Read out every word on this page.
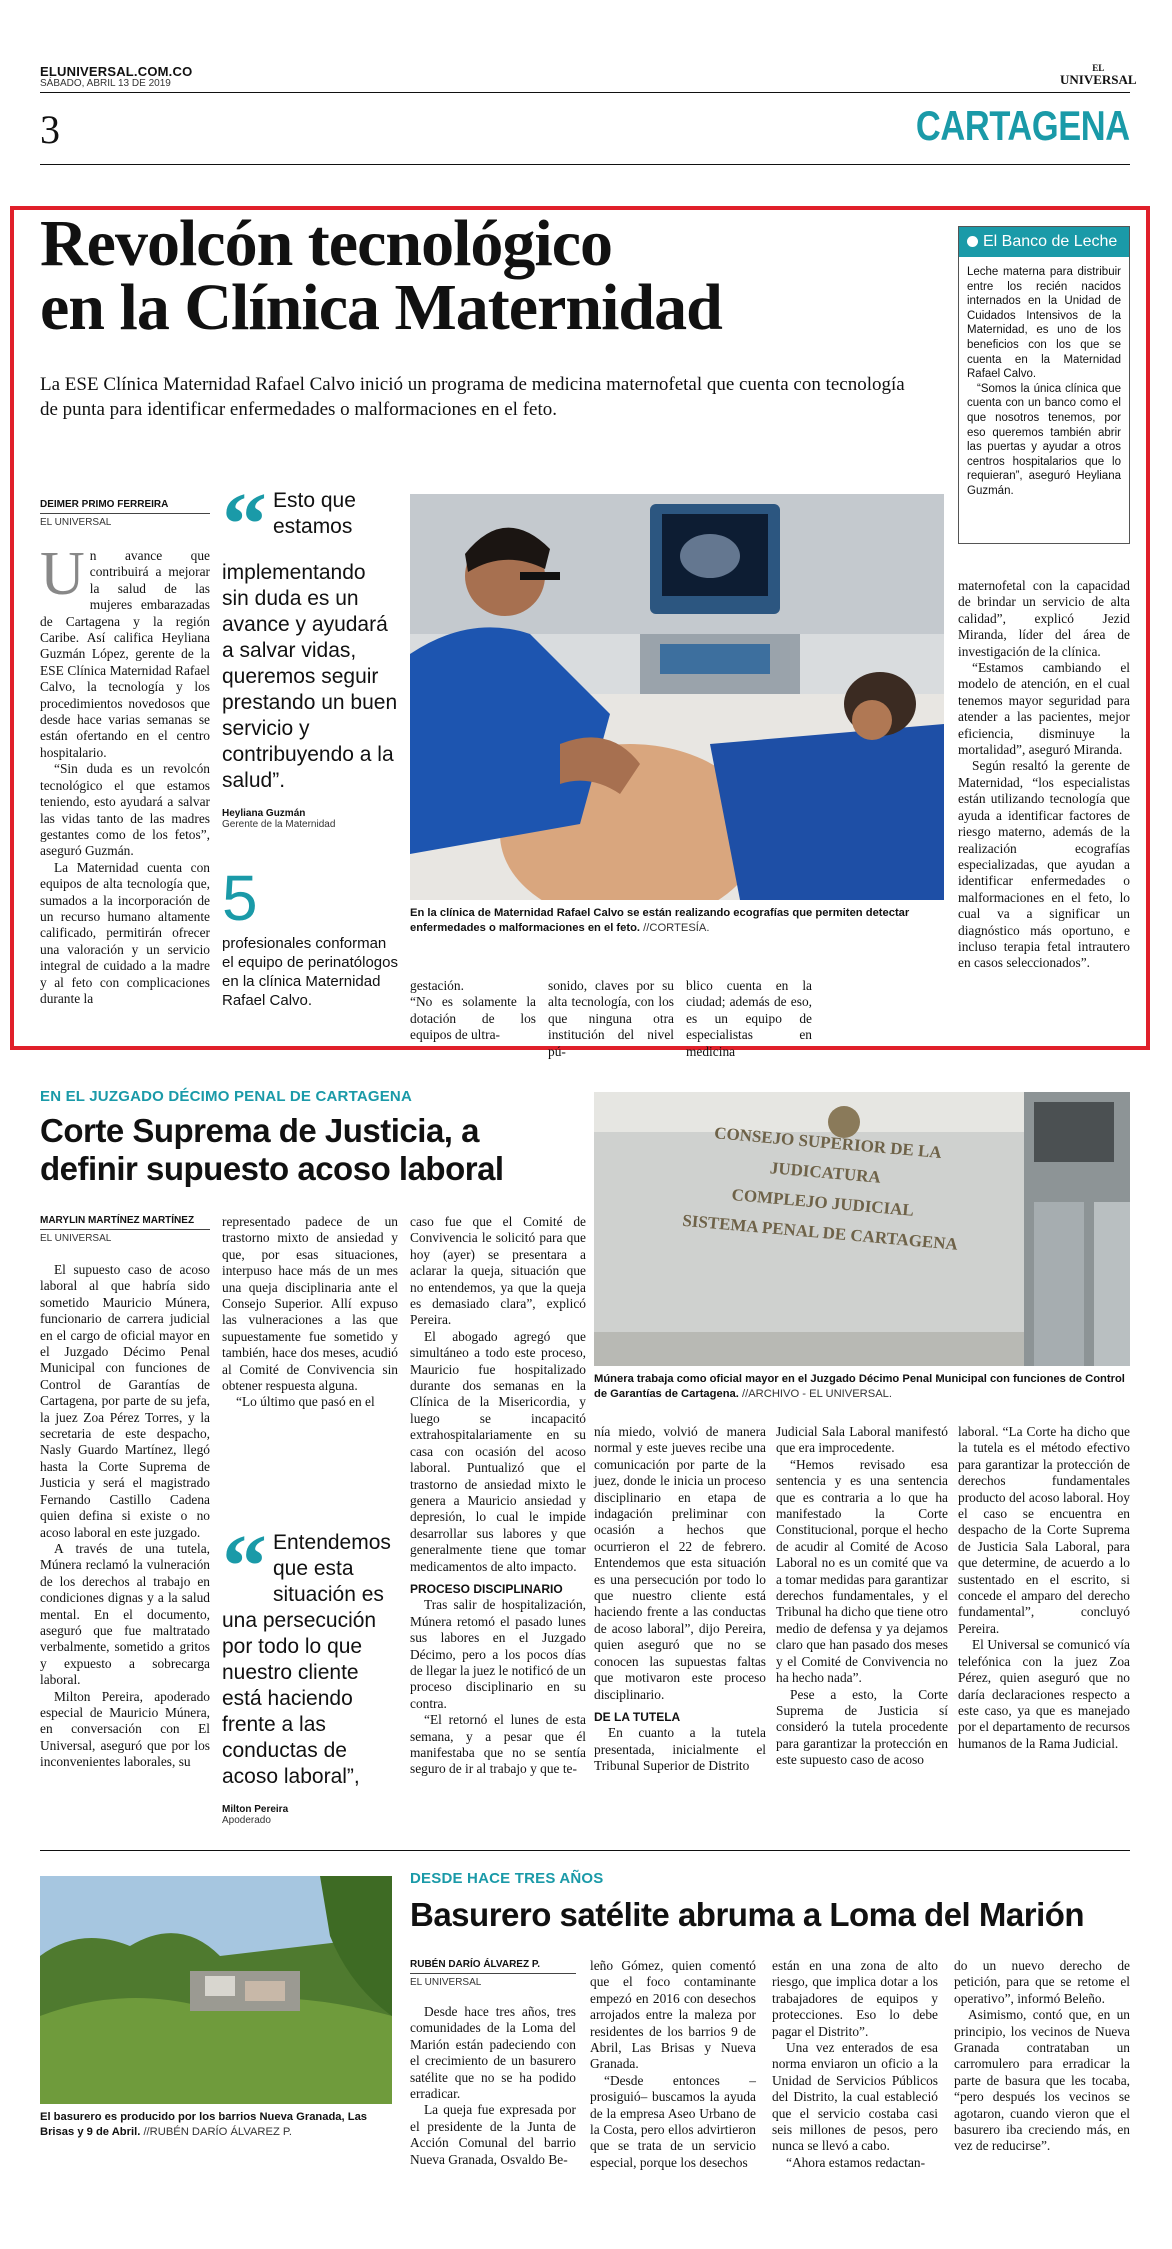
ELUNIVERSAL.COM.CO
SÁBADO, ABRIL 13 DE 2019
EL
UNIVERSAL
3	CARTAGENA
Revolcón tecnológico
en la Clínica Maternidad
La ESE Clínica Maternidad Rafael Calvo inició un programa de medicina maternofetal que cuenta con tecnología de punta para identificar enfermedades o malformaciones en el feto.
El Banco de Leche
Leche materna para distribuir entre los recién nacidos internados en la Unidad de Cuidados Intensivos de la Maternidad, es uno de los beneficios con los que se cuenta en la Maternidad Rafael Calvo.
“Somos la única clínica que cuenta con un banco como el que nosotros tenemos, por eso queremos también abrir las puertas y ayudar a otros centros hospitalarios que lo requieran”, aseguró Heyliana Guzmán.
DEIMER PRIMO FERREIRA
EL UNIVERSAL
U n avance que contribuirá a mejorar la salud de las mujeres embarazadas de Cartagena y la región Caribe. Así califica Heyliana Guzmán López, gerente de la ESE Clínica Maternidad Rafael Calvo, la tecnología y los procedimientos novedosos que desde hace varias semanas se están ofertando en el centro hospitalario.

“Sin duda es un revolcón tecnológico el que estamos teniendo, esto ayudará a salvar las vidas tanto de las madres gestantes como de los fetos”, aseguró Guzmán.

La Maternidad cuenta con equipos de alta tecnología que, sumados a la incorporación de un recurso humano altamente calificado, permitirán ofrecer una valoración y un servicio integral de cuidado a la madre y al feto con complicaciones durante la

“ Esto que estamos implementando sin duda es un avance y ayudará a salvar vidas, queremos seguir prestando un buen servicio y contribuyendo a la salud”.
Heyliana Guzmán
Gerente de la Maternidad
5
profesionales conforman el equipo de perinatólogos en la clínica Maternidad Rafael Calvo.
En la clínica de Maternidad Rafael Calvo se están realizando ecografías que permiten detectar enfermedades o malformaciones en el feto. //CORTESÍA.
gestación.
“No es solamente la dotación de los equipos de ultra-
sonido, claves por su alta tecnología, con los que ninguna otra institución del nivel pú-
blico cuenta en la ciudad; además de eso, es un equipo de especialistas en medicina

maternofetal con la capacidad de brindar un servicio de alta calidad”, explicó Jezid Miranda, líder del área de investigación de la clínica.

“Estamos cambiando el modelo de atención, en el cual tenemos mayor seguridad para atender a las pacientes, mejor eficiencia, disminuye la mortalidad”, aseguró Miranda.

Según resaltó la gerente de Maternidad, “los especialistas están utilizando tecnología que ayuda a identificar factores de riesgo materno, además de la realización ecografías especializadas, que ayudan a identificar enfermedades o malformaciones en el feto, lo cual va a significar un diagnóstico más oportuno, e incluso terapia fetal intrautero en casos seleccionados”.

EN EL JUZGADO DÉCIMO PENAL DE CARTAGENA
Corte Suprema de Justicia, a definir supuesto acoso laboral
MARYLIN MARTÍNEZ MARTÍNEZ
EL UNIVERSAL

El supuesto caso de acoso laboral al que habría sido sometido Mauricio Múnera, funcionario de carrera judicial en el cargo de oficial mayor en el Juzgado Décimo Penal Municipal con funciones de Control de Garantías de Cartagena, por parte de su jefa, la juez Zoa Pérez Torres, y la secretaria de este despacho, Nasly Guardo Martínez, llegó hasta la Corte Suprema de Justicia y será el magistrado Fernando Castillo Cadena quien defina si existe o no acoso laboral en este juzgado.

A través de una tutela, Múnera reclamó la vulneración de los derechos al trabajo en condiciones dignas y a la salud mental. En el documento, aseguró que fue maltratado verbalmente, sometido a gritos y expuesto a sobrecarga laboral.

Milton Pereira, apoderado especial de Mauricio Múnera, en conversación con El Universal, aseguró que por los inconvenientes laborales, su

representado padece de un trastorno mixto de ansiedad y que, por esas situaciones, interpuso hace más de un mes una queja disciplinaria ante el Consejo Superior. Allí expuso las vulneraciones a las que supuestamente fue sometido y también, hace dos meses, acudió al Comité de Convivencia sin obtener respuesta alguna.

“Lo último que pasó en el

“ Entendemos que esta situación es una persecución por todo lo que nuestro cliente está haciendo frente a las conductas de acoso laboral”,
Milton Pereira
Apoderado

caso fue que el Comité de Convivencia le solicitó para que hoy (ayer) se presentara a aclarar la queja, situación que no entendemos, ya que la queja es demasiado clara”, explicó Pereira.

El abogado agregó que simultáneo a todo este proceso, Mauricio fue hospitalizado durante dos semanas en la Clínica de la Misericordia, y luego se incapacitó extrahospitalariamente en su casa con ocasión del acoso laboral. Puntualizó que el trastorno de ansiedad mixto le genera a Mauricio ansiedad y depresión, lo cual le impide desarrollar sus labores y que generalmente tiene que tomar medicamentos de alto impacto.

PROCESO DISCIPLINARIO

Tras salir de hospitalización, Múnera retomó el pasado lunes sus labores en el Juzgado Décimo, pero a los pocos días de llegar la juez le notificó de un proceso disciplinario en su contra.

“El retornó el lunes de esta semana, y a pesar que él manifestaba que no se sentía seguro de ir al trabajo y que te-

CONSEJO SUPERIOR DE LA JUDICATURA
COMPLEJO JUDICIAL
SISTEMA PENAL DE CARTAGENA
Múnera trabaja como oficial mayor en el Juzgado Décimo Penal Municipal con funciones de Control de Garantías de Cartagena. //ARCHIVO - EL UNIVERSAL.

nía miedo, volvió de manera normal y este jueves recibe una comunicación por parte de la juez, donde le inicia un proceso disciplinario en etapa de indagación preliminar con ocasión a hechos que ocurrieron el 22 de febrero. Entendemos que esta situación es una persecución por todo lo que nuestro cliente está haciendo frente a las conductas de acoso laboral”, dijo Pereira, quien aseguró que no se conocen las supuestas faltas que motivaron este proceso disciplinario.

DE LA TUTELA

En cuanto a la tutela presentada, inicialmente el Tribunal Superior de Distrito

Judicial Sala Laboral manifestó que era improcedente.

“Hemos revisado esa sentencia y es una sentencia que es contraria a lo que ha manifestado la Corte Constitucional, porque el hecho de acudir al Comité de Acoso Laboral no es un comité que va a tomar medidas para garantizar derechos fundamentales, y el Tribunal ha dicho que tiene otro medio de defensa y ya dejamos claro que han pasado dos meses y el Comité de Convivencia no ha hecho nada”.

Pese a esto, la Corte Suprema de Justicia sí consideró la tutela procedente para garantizar la protección en este supuesto caso de acoso

laboral. “La Corte ha dicho que la tutela es el método efectivo para garantizar la protección de derechos fundamentales producto del acoso laboral. Hoy el caso se encuentra en despacho de la Corte Suprema de Justicia Sala Laboral, para que determine, de acuerdo a lo sustentado en el escrito, si concede el amparo del derecho fundamental”, concluyó Pereira.

El Universal se comunicó vía telefónica con la juez Zoa Pérez, quien aseguró que no daría declaraciones respecto a este caso, ya que es manejado por el departamento de recursos humanos de la Rama Judicial.

El basurero es producido por los barrios Nueva Granada, Las Brisas y 9 de Abril. //RUBÉN DARÍO ÁLVAREZ P.
DESDE HACE TRES AÑOS
Basurero satélite abruma a Loma del Marión
RUBÉN DARÍO ÁLVAREZ P.
EL UNIVERSAL

Desde hace tres años, tres comunidades de la Loma del Marión están padeciendo con el crecimiento de un basurero satélite que no se ha podido erradicar.

La queja fue expresada por el presidente de la Junta de Acción Comunal del barrio Nueva Granada, Osvaldo Be-

leño Gómez, quien comentó que el foco contaminante empezó en 2016 con desechos arrojados entre la maleza por residentes de los barrios 9 de Abril, Las Brisas y Nueva Granada.

“Desde entonces –prosiguió– buscamos la ayuda de la empresa Aseo Urbano de la Costa, pero ellos advirtieron que se trata de un servicio especial, porque los desechos

están en una zona de alto riesgo, que implica dotar a los trabajadores de equipos y protecciones. Eso lo debe pagar el Distrito”.

Una vez enterados de esa norma enviaron un oficio a la Unidad de Servicios Públicos del Distrito, la cual estableció que el servicio costaba casi seis millones de pesos, pero nunca se llevó a cabo.

“Ahora estamos redactan-

do un nuevo derecho de petición, para que se retome el operativo”, informó Beleño.

Asimismo, contó que, en un principio, los vecinos de Nueva Granada contrataban un carromulero para erradicar la parte de basura que les tocaba, “pero después los vecinos se agotaron, cuando vieron que el basurero iba creciendo más, en vez de reducirse”.
